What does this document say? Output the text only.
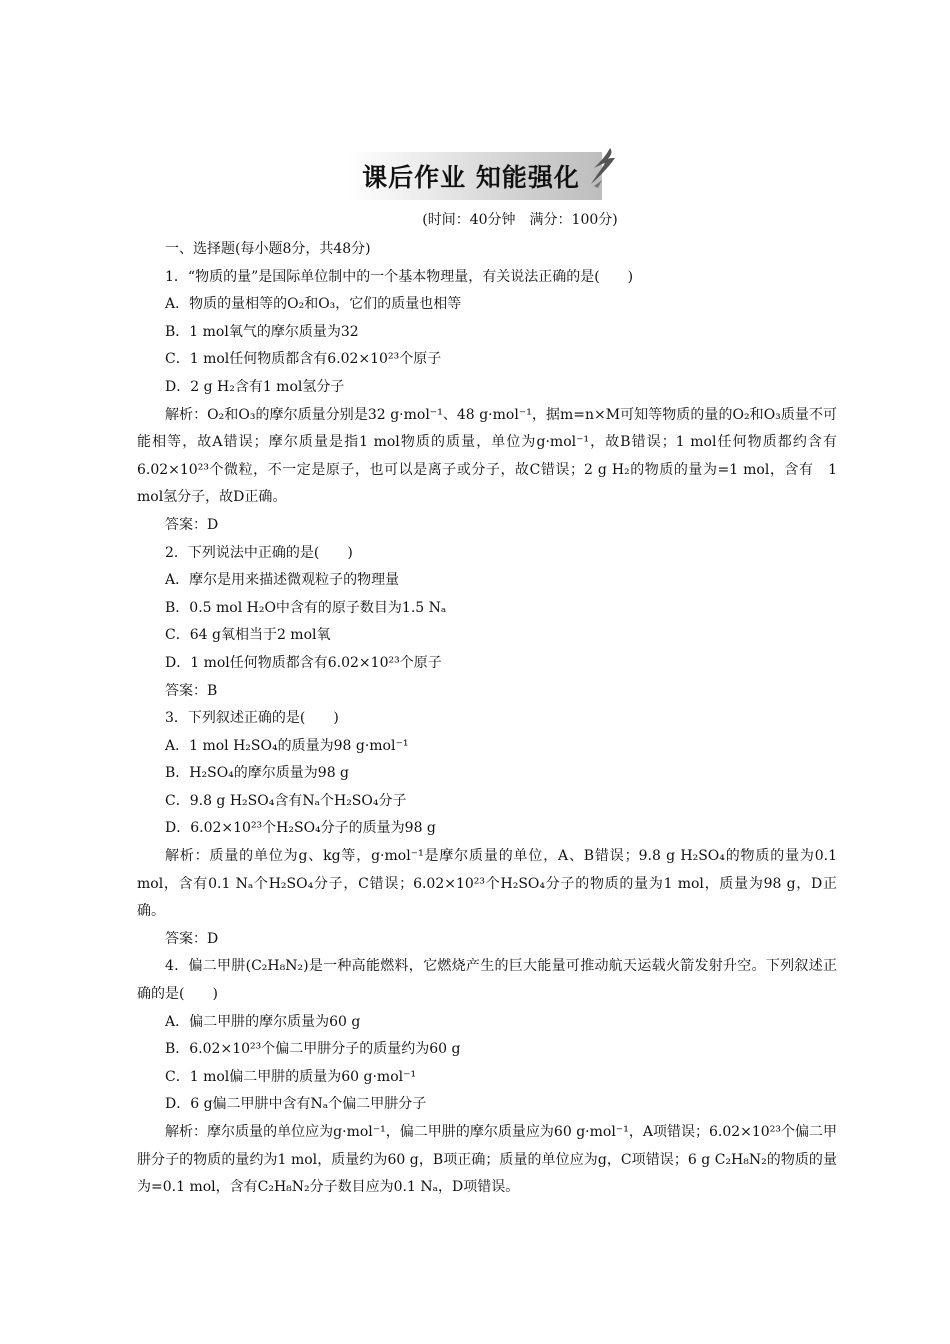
课后作业 知能强化
(时间：40分钟　满分：100分)
一、选择题(每小题8分，共48分)
1．“物质的量”是国际单位制中的一个基本物理量，有关说法正确的是(　　)
A．物质的量相等的O₂和O₃，它们的质量也相等
B．1 mol氧气的摩尔质量为32
C．1 mol任何物质都含有6.02×10²³个原子
D．2 g H₂含有1 mol氢分子
解析：O₂和O₃的摩尔质量分别是32 g·mol⁻¹、48 g·mol⁻¹，据m=n×M可知等物质的量的O₂和O₃质量不可能相等，故A错误；摩尔质量是指1 mol物质的质量，单位为g·mol⁻¹，故B错误；1 mol任何物质都约含有6.02×10²³个微粒，不一定是原子，也可以是离子或分子，故C错误；2 g H₂的物质的量为=1 mol，含有　1 mol氢分子，故D正确。
答案：D
2．下列说法中正确的是(　　)
A．摩尔是用来描述微观粒子的物理量
B．0.5 mol H₂O中含有的原子数目为1.5 Nₐ
C．64 g氧相当于2 mol氧
D．1 mol任何物质都含有6.02×10²³个原子
答案：B
3．下列叙述正确的是(　　)
A．1 mol H₂SO₄的质量为98 g·mol⁻¹
B．H₂SO₄的摩尔质量为98 g
C．9.8 g H₂SO₄含有Nₐ个H₂SO₄分子
D．6.02×10²³个H₂SO₄分子的质量为98 g
解析：质量的单位为g、kg等，g·mol⁻¹是摩尔质量的单位，A、B错误；9.8 g H₂SO₄的物质的量为0.1 mol，含有0.1 Nₐ个H₂SO₄分子，C错误；6.02×10²³个H₂SO₄分子的物质的量为1 mol，质量为98 g，D正确。
答案：D
4．偏二甲肼(C₂H₈N₂)是一种高能燃料，它燃烧产生的巨大能量可推动航天运载火箭发射升空。下列叙述正确的是(　　)
A．偏二甲肼的摩尔质量为60 g
B．6.02×10²³个偏二甲肼分子的质量约为60 g
C．1 mol偏二甲肼的质量为60 g·mol⁻¹
D．6 g偏二甲肼中含有Nₐ个偏二甲肼分子
解析：摩尔质量的单位应为g·mol⁻¹，偏二甲肼的摩尔质量应为60 g·mol⁻¹，A项错误；6.02×10²³个偏二甲肼分子的物质的量约为1 mol，质量约为60 g，B项正确；质量的单位应为g，C项错误；6 g C₂H₈N₂的物质的量为=0.1 mol，含有C₂H₈N₂分子数目应为0.1 Nₐ，D项错误。
